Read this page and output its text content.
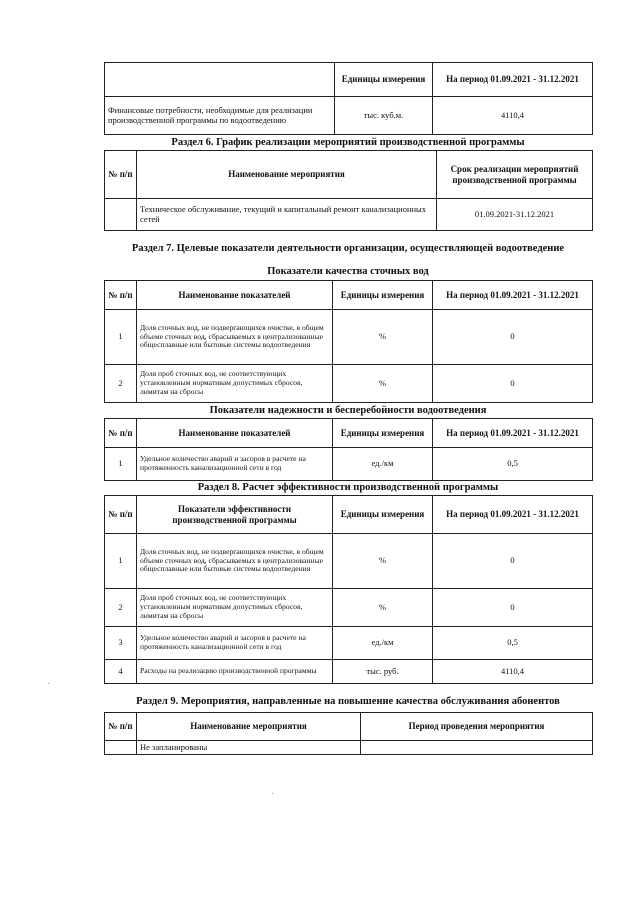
	Единицы измерения	На период 01.09.2021 - 31.12.2021
Финансовые потребности, необходимые для реализации производственной программы по водоотведению	тыс. куб.м.	4110,4
Раздел 6. График реализации мероприятий производственной программы
№ п/п	Наименование мероприятия	Срок реализации мероприятий производственной программы
	Техническое обслуживание, текущий и капитальный ремонт канализационных сетей	01.09.2021-31.12.2021
Раздел 7. Целевые показатели деятельности организации, осуществляющей водоотведение
Показатели качества сточных вод
№ п/п	Наименование показателей	Единицы измерения	На период 01.09.2021 - 31.12.2021
1	Доля сточных вод, не подвергающихся очистке, в общем объеме сточных вод, сбрасываемых в централизованные общесплавные или бытовые системы водоотведения	%	0
2	Доля проб сточных вод, не соответствующих установленным нормативам допустимых сбросов, лимитам на сбросы	%	0
Показатели надежности и бесперебойности водоотведения
№ п/п	Наименование показателей	Единицы измерения	На период 01.09.2021 - 31.12.2021
1	Удельное количество аварий и засоров в расчете на протяженность канализационной сети в год	ед./км	0,5
Раздел 8. Расчет эффективности производственной программы
№ п/п	Показатели эффективности производственной программы	Единицы измерения	На период 01.09.2021 - 31.12.2021
1	Доля сточных вод, не подвергающихся очистке, в общем объеме сточных вод, сбрасываемых в централизованные общесплавные или бытовые системы водоотведения	%	0
2	Доля проб сточных вод, не соответствующих установленным нормативам допустимых сбросов, лимитам на сбросы	%	0
3	Удельное количество аварий и засоров в расчете на протяженность канализационной сети в год	ед./км	0,5
4	Расходы на реализацию производственной программы	тыс. руб.	4110,4
Раздел 9. Мероприятия, направленные на повышение качества обслуживания абонентов
№ п/п	Наименование мероприятия	Период проведения мероприятия
	Не запланированы	
